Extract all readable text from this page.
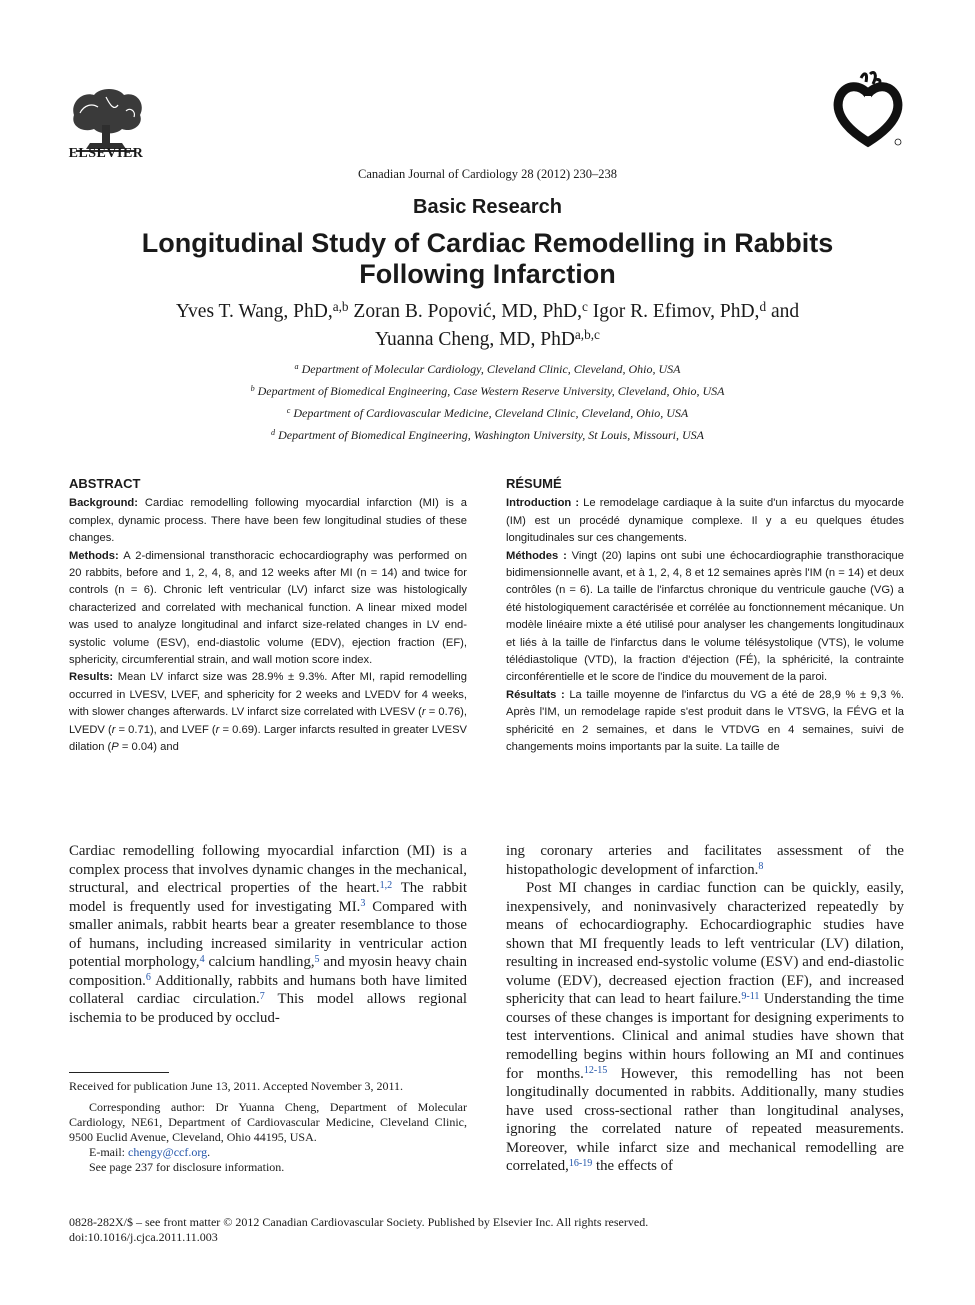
ELSEVIER
Canadian Journal of Cardiology 28 (2012) 230–238
Basic Research
Longitudinal Study of Cardiac Remodelling in Rabbits
Following Infarction
Yves T. Wang, PhD,$^{a,b}$ Zoran B. Popović, MD, PhD,$^c$ Igor R. Efimov, PhD,$^d$ and
Yuanna Cheng, MD, PhD$^{a,b,c}$
$^a$ Department of Molecular Cardiology, Cleveland Clinic, Cleveland, Ohio, USA
$^b$ Department of Biomedical Engineering, Case Western Reserve University, Cleveland, Ohio, USA
$^c$ Department of Cardiovascular Medicine, Cleveland Clinic, Cleveland, Ohio, USA
$^d$ Department of Biomedical Engineering, Washington University, St Louis, Missouri, USA
ABSTRACT

Background: Cardiac remodelling following myocardial infarction (MI) is a complex, dynamic process. There have been few longitudinal studies of these changes.

Methods: A 2-dimensional transthoracic echocardiography was performed on 20 rabbits, before and 1, 2, 4, 8, and 12 weeks after MI (n = 14) and twice for controls (n = 6). Chronic left ventricular (LV) infarct size was histologically characterized and correlated with mechanical function. A linear mixed model was used to analyze longitudinal and infarct size-related changes in LV end-systolic volume (ESV), end-diastolic volume (EDV), ejection fraction (EF), sphericity, circumferential strain, and wall motion score index.

Results: Mean LV infarct size was 28.9% ± 9.3%. After MI, rapid remodelling occurred in LVESV, LVEF, and sphericity for 2 weeks and LVEDV for 4 weeks, with slower changes afterwards. LV infarct size correlated with LVESV (r = 0.76), LVEDV (r = 0.71), and LVEF (r = 0.69). Larger infarcts resulted in greater LVESV dilation (P = 0.04) and

RÉSUMÉ

Introduction : Le remodelage cardiaque à la suite d'un infarctus du myocarde (IM) est un procédé dynamique complexe. Il y a eu quelques études longitudinales sur ces changements.

Méthodes : Vingt (20) lapins ont subi une échocardiographie transthoracique bidimensionnelle avant, et à 1, 2, 4, 8 et 12 semaines après l'IM (n = 14) et deux contrôles (n = 6). La taille de l'infarctus chronique du ventricule gauche (VG) a été histologiquement caractérisée et corrélée au fonctionnement mécanique. Un modèle linéaire mixte a été utilisé pour analyser les changements longitudinaux et liés à la taille de l'infarctus dans le volume télésystolique (VTS), le volume télédiastolique (VTD), la fraction d'éjection (FÉ), la sphéricité, la contrainte circonférentielle et le score de l'indice du mouvement de la paroi.

Résultats : La taille moyenne de l'infarctus du VG a été de 28,9 % ± 9,3 %. Après l'IM, un remodelage rapide s'est produit dans le VTSVG, la FÉVG et la sphéricité en 2 semaines, et dans le VTDVG en 4 semaines, suivi de changements moins importants par la suite. La taille de

Cardiac remodelling following myocardial infarction (MI) is a complex process that involves dynamic changes in the mechanical, structural, and electrical properties of the heart.$^{1,2}$ The rabbit model is frequently used for investigating MI.$^3$ Compared with smaller animals, rabbit hearts bear a greater resemblance to those of humans, including increased similarity in ventricular action potential morphology,$^4$ calcium handling,$^5$ and myosin heavy chain composition.$^6$ Additionally, rabbits and humans both have limited collateral cardiac circulation.$^7$ This model allows regional ischemia to be produced by occlud-

Received for publication June 13, 2011. Accepted November 3, 2011.

Corresponding author: Dr Yuanna Cheng, Department of Molecular Cardiology, NE61, Department of Cardiovascular Medicine, Cleveland Clinic, 9500 Euclid Avenue, Cleveland, Ohio 44195, USA.

E-mail: chengy@ccf.org.

See page 237 for disclosure information.

ing coronary arteries and facilitates assessment of the histopathologic development of infarction.$^8$

Post MI changes in cardiac function can be quickly, easily, inexpensively, and noninvasively characterized repeatedly by means of echocardiography. Echocardiographic studies have shown that MI frequently leads to left ventricular (LV) dilation, resulting in increased end-systolic volume (ESV) and end-diastolic volume (EDV), decreased ejection fraction (EF), and increased sphericity that can lead to heart failure.$^{9-11}$ Understanding the time courses of these changes is important for designing experiments to test interventions. Clinical and animal studies have shown that remodelling begins within hours following an MI and continues for months.$^{12-15}$ However, this remodelling has not been longitudinally documented in rabbits. Additionally, many studies have used cross-sectional rather than longitudinal analyses, ignoring the correlated nature of repeated measurements. Moreover, while infarct size and mechanical remodelling are correlated,$^{16-19}$ the effects of

0828-282X/$ – see front matter © 2012 Canadian Cardiovascular Society. Published by Elsevier Inc. All rights reserved.
doi:10.1016/j.cjca.2011.11.003
